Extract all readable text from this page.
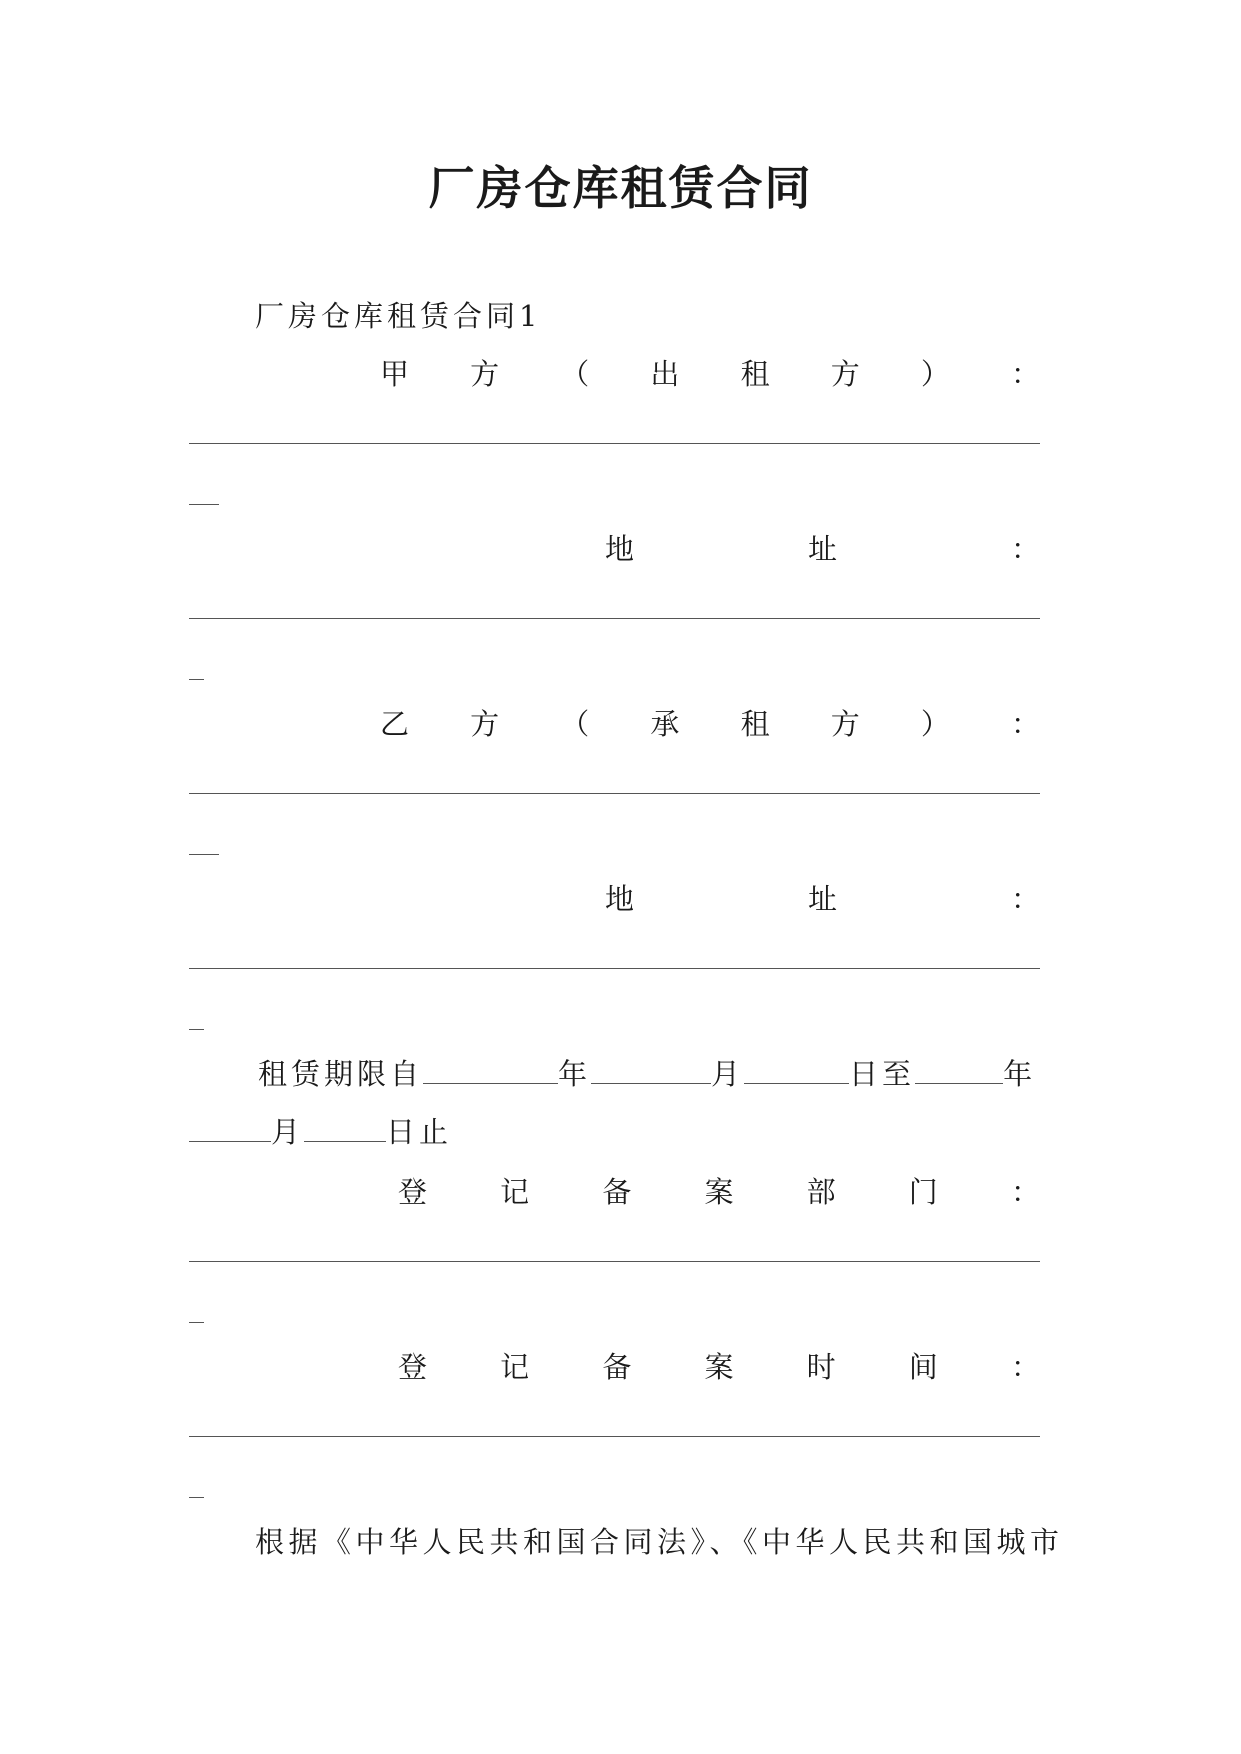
厂房仓库租赁合同
厂房仓库租赁合同1
甲 方 （ 出 租 方 ） ：
地	址	：
乙 方 （ 承 租 方 ） ：
地	址	：
租赁期限自	年	月	日至	年
月	日止
登	记	备	案	部	门	：
登	记	备	案	时	间	：
根据《中华人民共和国合同法》、《中华人民共和国城市
